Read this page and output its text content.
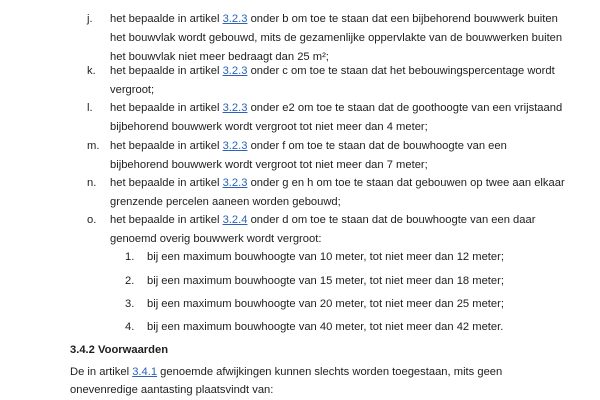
j. het bepaalde in artikel 3.2.3 onder b om toe te staan dat een bijbehorend bouwwerk buiten
het bouwvlak wordt gebouwd, mits de gezamenlijke oppervlakte van de bouwwerken buiten
het bouwvlak niet meer bedraagt dan 25 m²;
k. het bepaalde in artikel 3.2.3 onder c om toe te staan dat het bebouwingspercentage wordt
vergroot;
l. het bepaalde in artikel 3.2.3 onder e2 om toe te staan dat de goothoogte van een vrijstaand
bijbehorend bouwwerk wordt vergroot tot niet meer dan 4 meter;
m. het bepaalde in artikel 3.2.3 onder f om toe te staan dat de bouwhoogte van een
bijbehorend bouwwerk wordt vergroot tot niet meer dan 7 meter;
n. het bepaalde in artikel 3.2.3 onder g en h om toe te staan dat gebouwen op twee aan elkaar
grenzende percelen aaneen worden gebouwd;
o. het bepaalde in artikel 3.2.4 onder d om toe te staan dat de bouwhoogte van een daar
genoemd overig bouwwerk wordt vergroot:
1. bij een maximum bouwhoogte van 10 meter, tot niet meer dan 12 meter;
2. bij een maximum bouwhoogte van 15 meter, tot niet meer dan 18 meter;
3. bij een maximum bouwhoogte van 20 meter, tot niet meer dan 25 meter;
4. bij een maximum bouwhoogte van 40 meter, tot niet meer dan 42 meter.
3.4.2 Voorwaarden
De in artikel 3.4.1 genoemde afwijkingen kunnen slechts worden toegestaan, mits geen
onevenredige aantasting plaatsvindt van:
